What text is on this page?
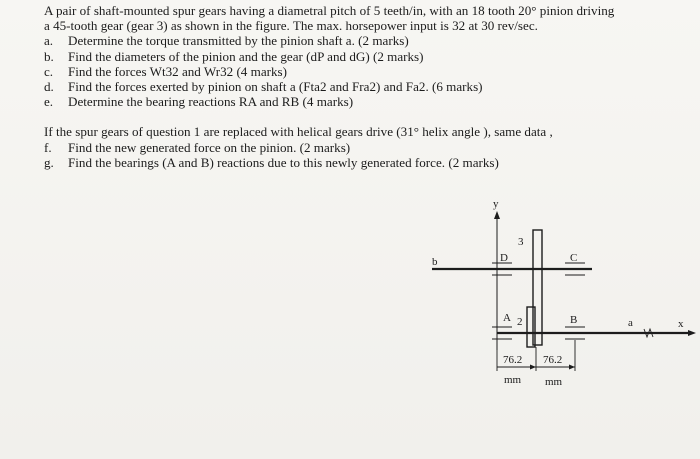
A pair of shaft-mounted spur gears having a diametral pitch of 5 teeth/in, with an 18 tooth 20° pinion driving

a 45-tooth gear (gear 3) as shown in the figure. The max. horsepower input is 32 at 30 rev/sec.

a. Determine the torque transmitted by the pinion shaft a. (2 marks)
b. Find the diameters of the pinion and the gear (dP and dG) (2 marks)
c. Find the forces Wt32 and Wr32 (4 marks)
d. Find the forces exerted by pinion on shaft a (Fta2 and Fra2) and Fa2. (6 marks)
e. Determine the bearing reactions RA and RB (4 marks)

If the spur gears of question 1 are replaced with helical gears drive (31° helix angle ), same data ,

f. Find the new generated force on the pinion. (2 marks)
g. Find the bearings (A and B) reactions due to this newly generated force. (2 marks)
y
b
x
a
3
2
D	C
A	B
76.2 76.2
mm mm
